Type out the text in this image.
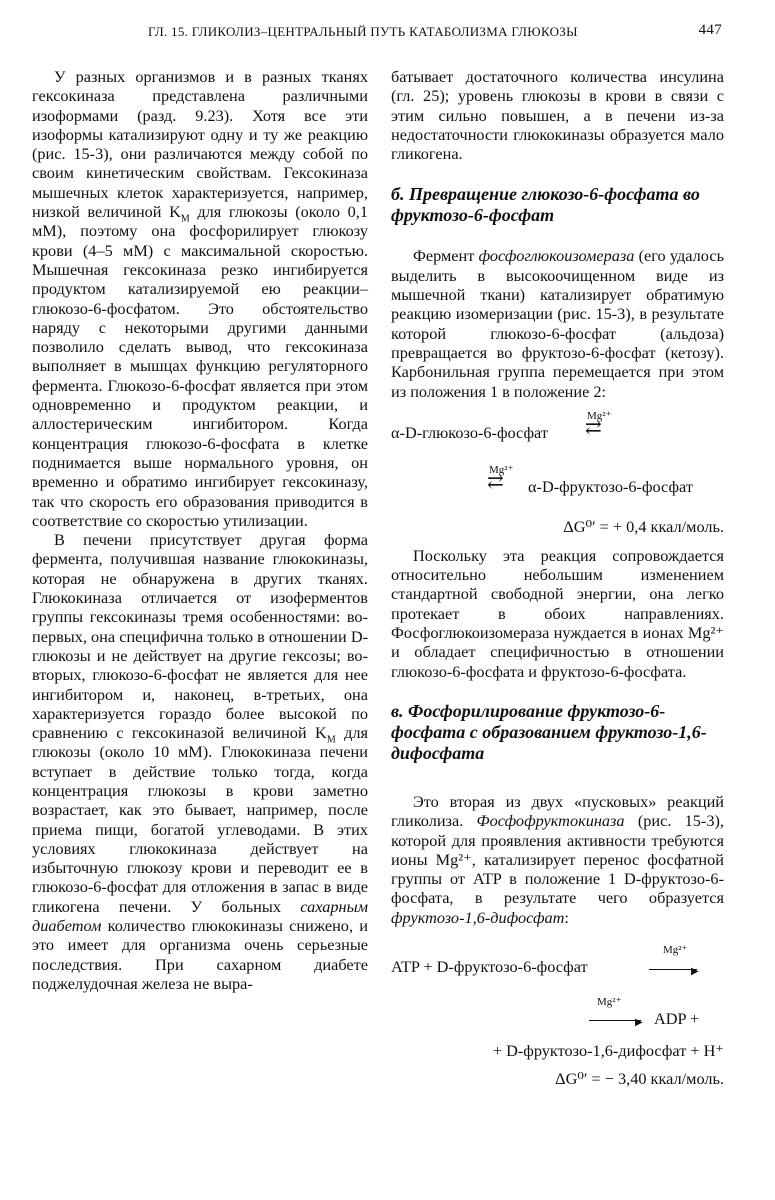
ГЛ. 15. ГЛИКОЛИЗ–ЦЕНТРАЛЬНЫЙ ПУТЬ КАТАБОЛИЗМА ГЛЮКОЗЫ	447

У разных организмов и в разных тканях гексокиназа представлена различными изоформами (разд. 9.23). Хотя все эти изоформы катализируют одну и ту же реакцию (рис. 15-3), они различаются между собой по своим кинетическим свойствам. Гексокиназа мышечных клеток характеризуется, например, низкой величиной $K_M$ для глюкозы (около 0,1 мМ), поэтому она фосфорилирует глюкозу крови (4–5 мМ) с максимальной скоростью. Мышечная гексокиназа резко ингибируется продуктом катализируемой ею реакции–глюкозо-6-фосфатом. Это обстоятельство наряду с некоторыми другими данными позволило сделать вывод, что гексокиназа выполняет в мышцах функцию регуляторного фермента. Глюкозо-6-фосфат является при этом одновременно и продуктом реакции, и аллостерическим ингибитором. Когда концентрация глюкозо-6-фосфата в клетке поднимается выше нормального уровня, он временно и обратимо ингибирует гексокиназу, так что скорость его образования приводится в соответствие со скоростью утилизации.

В печени присутствует другая форма фермента, получившая название глюкокиназы, которая не обнаружена в других тканях. Глюкокиназа отличается от изоферментов группы гексокиназы тремя особенностями: во-первых, она специфична только в отношении D-глюкозы и не действует на другие гексозы; во-вторых, глюкозо-6-фосфат не является для нее ингибитором и, наконец, в-третьих, она характеризуется гораздо более высокой по сравнению с гексокиназой величиной $K_M$ для глюкозы (около 10 мМ). Глюкокиназа печени вступает в действие только тогда, когда концентрация глюкозы в крови заметно возрастает, как это бывает, например, после приема пищи, богатой углеводами. В этих условиях глюкокиназа действует на избыточную глюкозу крови и переводит ее в глюкозо-6-фосфат для отложения в запас в виде гликогена печени. У больных сахарным диабетом количество глюкокиназы снижено, и это имеет для организма очень серьезные последствия. При сахарном диабете поджелудочная железа не выра-

батывает достаточного количества инсулина (гл. 25); уровень глюкозы в крови в связи с этим сильно повышен, а в печени из-за недостаточности глюкокиназы образуется мало гликогена.

б. Превращение глюкозо-6-фосфата во фруктозо-6-фосфат

Фермент фосфоглюкоизомераза (его удалось выделить в высокоочищенном виде из мышечной ткани) катализирует обратимую реакцию изомеризации (рис. 15-3), в результате которой глюкозо-6-фосфат (альдоза) превращается во фруктозо-6-фосфат (кетозу). Карбонильная группа перемещается при этом из положения 1 в положение 2:

α-D-глюкозо-6-фосфат
Mg²⁺
⇄
Mg²⁺
⇄ α-D-фруктозо-6-фосфат
ΔG⁰′ = + 0,4 ккал/моль.

Поскольку эта реакция сопровождается относительно небольшим изменением стандартной свободной энергии, она легко протекает в обоих направлениях. Фосфоглюкоизомераза нуждается в ионах Mg²⁺ и обладает специфичностью в отношении глюкозо-6-фосфата и фруктозо-6-фосфата.

в. Фосфорилирование фруктозо-6-фосфата с образованием фруктозо-1,6-дифосфата

Это вторая из двух «пусковых» реакций гликолиза. Фосфофруктокиназа (рис. 15-3), которой для проявления активности требуются ионы Mg²⁺, катализирует перенос фосфатной группы от ATP в положение 1 D-фруктозо-6-фосфата, в результате чего образуется фруктозо-1,6-дифосфат:

Mg²⁺
ATP + D-фруктозо-6-фосфат	▶
Mg²⁺
▶ ADP +
+ D-фруктозо-1,6-дифосфат + H⁺
ΔG⁰′ = − 3,40 ккал/моль.
